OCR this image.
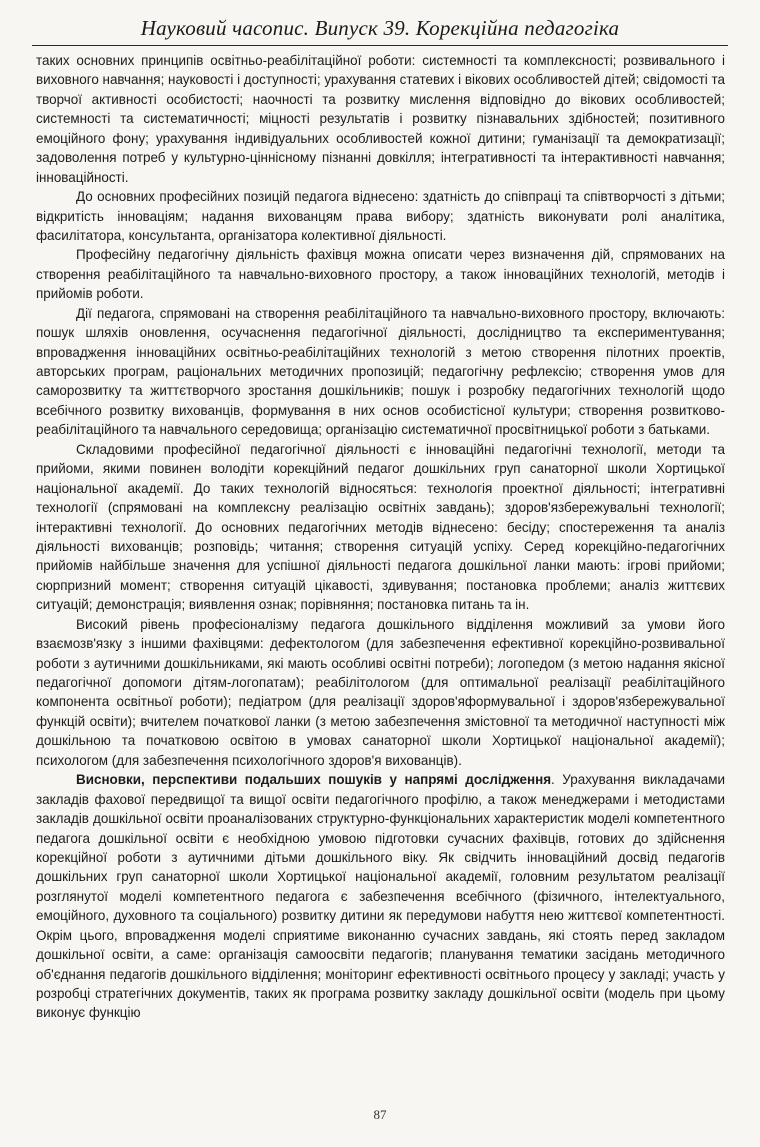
Науковий часопис. Випуск 39. Корекційна педагогіка

таких основних принципів освітньо-реабілітаційної роботи: системності та комплексності; розвивального і виховного навчання; науковості і доступності; урахування статевих і вікових особливостей дітей; свідомості та творчої активності особистості; наочності та розвитку мислення відповідно до вікових особливостей; системності та систематичності; міцності результатів і розвитку пізнавальних здібностей; позитивного емоційного фону; урахування індивідуальних особливостей кожної дитини; гуманізації та демократизації; задоволення потреб у культурно-ціннісному пізнанні довкілля; інтегративності та інтерактивності навчання; інноваційності.

До основних професійних позицій педагога віднесено: здатність до співпраці та співтворчості з дітьми; відкритість інноваціям; надання вихованцям права вибору; здатність виконувати ролі аналітика, фасилітатора, консультанта, організатора колективної діяльності.

Професійну педагогічну діяльність фахівця можна описати через визначення дій, спрямованих на створення реабілітаційного та навчально-виховного простору, а також інноваційних технологій, методів і прийомів роботи.

Дії педагога, спрямовані на створення реабілітаційного та навчально-виховного простору, включають: пошук шляхів оновлення, осучаснення педагогічної діяльності, дослідництво та експериментування; впровадження інноваційних освітньо-реабілітаційних технологій з метою створення пілотних проектів, авторських програм, раціональних методичних пропозицій; педагогічну рефлексію; створення умов для саморозвитку та життєтворчого зростання дошкільників; пошук і розробку педагогічних технологій щодо всебічного розвитку вихованців, формування в них основ особистісної культури; створення розвитково-реабілітаційного та навчального середовища; організацію систематичної просвітницької роботи з батьками.

Складовими професійної педагогічної діяльності є інноваційні педагогічні технології, методи та прийоми, якими повинен володіти корекційний педагог дошкільних груп санаторної школи Хортицької національної академії. До таких технологій відносяться: технологія проектної діяльності; інтегративні технології (спрямовані на комплексну реалізацію освітніх завдань); здоров'язбережувальні технології; інтерактивні технології. До основних педагогічних методів віднесено: бесіду; спостереження та аналіз діяльності вихованців; розповідь; читання; створення ситуацій успіху. Серед корекційно-педагогічних прийомів найбільше значення для успішної діяльності педагога дошкільної ланки мають: ігрові прийоми; сюрпризний момент; створення ситуацій цікавості, здивування; постановка проблеми; аналіз життєвих ситуацій; демонстрація; виявлення ознак; порівняння; постановка питань та ін.

Високий рівень професіоналізму педагога дошкільного відділення можливий за умови його взаємозв'язку з іншими фахівцями: дефектологом (для забезпечення ефективної корекційно-розвивальної роботи з аутичними дошкільниками, які мають особливі освітні потреби); логопедом (з метою надання якісної педагогічної допомоги дітям-логопатам); реабілітологом (для оптимальної реалізації реабілітаційного компонента освітньої роботи); педіатром (для реалізації здоров'яформувальної і здоров'язбережувальної функцій освіти); вчителем початкової ланки (з метою забезпечення змістовної та методичної наступності між дошкільною та початковою освітою в умовах санаторної школи Хортицької національної академії); психологом (для забезпечення психологічного здоров'я вихованців).

Висновки, перспективи подальших пошуків у напрямі дослідження. Урахування викладачами закладів фахової передвищої та вищої освіти педагогічного профілю, а також менеджерами і методистами закладів дошкільної освіти проаналізованих структурно-функціональних характеристик моделі компетентного педагога дошкільної освіти є необхідною умовою підготовки сучасних фахівців, готових до здійснення корекційної роботи з аутичними дітьми дошкільного віку. Як свідчить інноваційний досвід педагогів дошкільних груп санаторної школи Хортицької національної академії, головним результатом реалізації розглянутої моделі компетентного педагога є забезпечення всебічного (фізичного, інтелектуального, емоційного, духовного та соціального) розвитку дитини як передумови набуття нею життєвої компетентності. Окрім цього, впровадження моделі сприятиме виконанню сучасних завдань, які стоять перед закладом дошкільної освіти, а саме: організація самоосвіти педагогів; планування тематики засідань методичного об'єднання педагогів дошкільного відділення; моніторинг ефективності освітнього процесу у закладі; участь у розробці стратегічних документів, таких як програма розвитку закладу дошкільної освіти (модель при цьому виконує функцію

87
